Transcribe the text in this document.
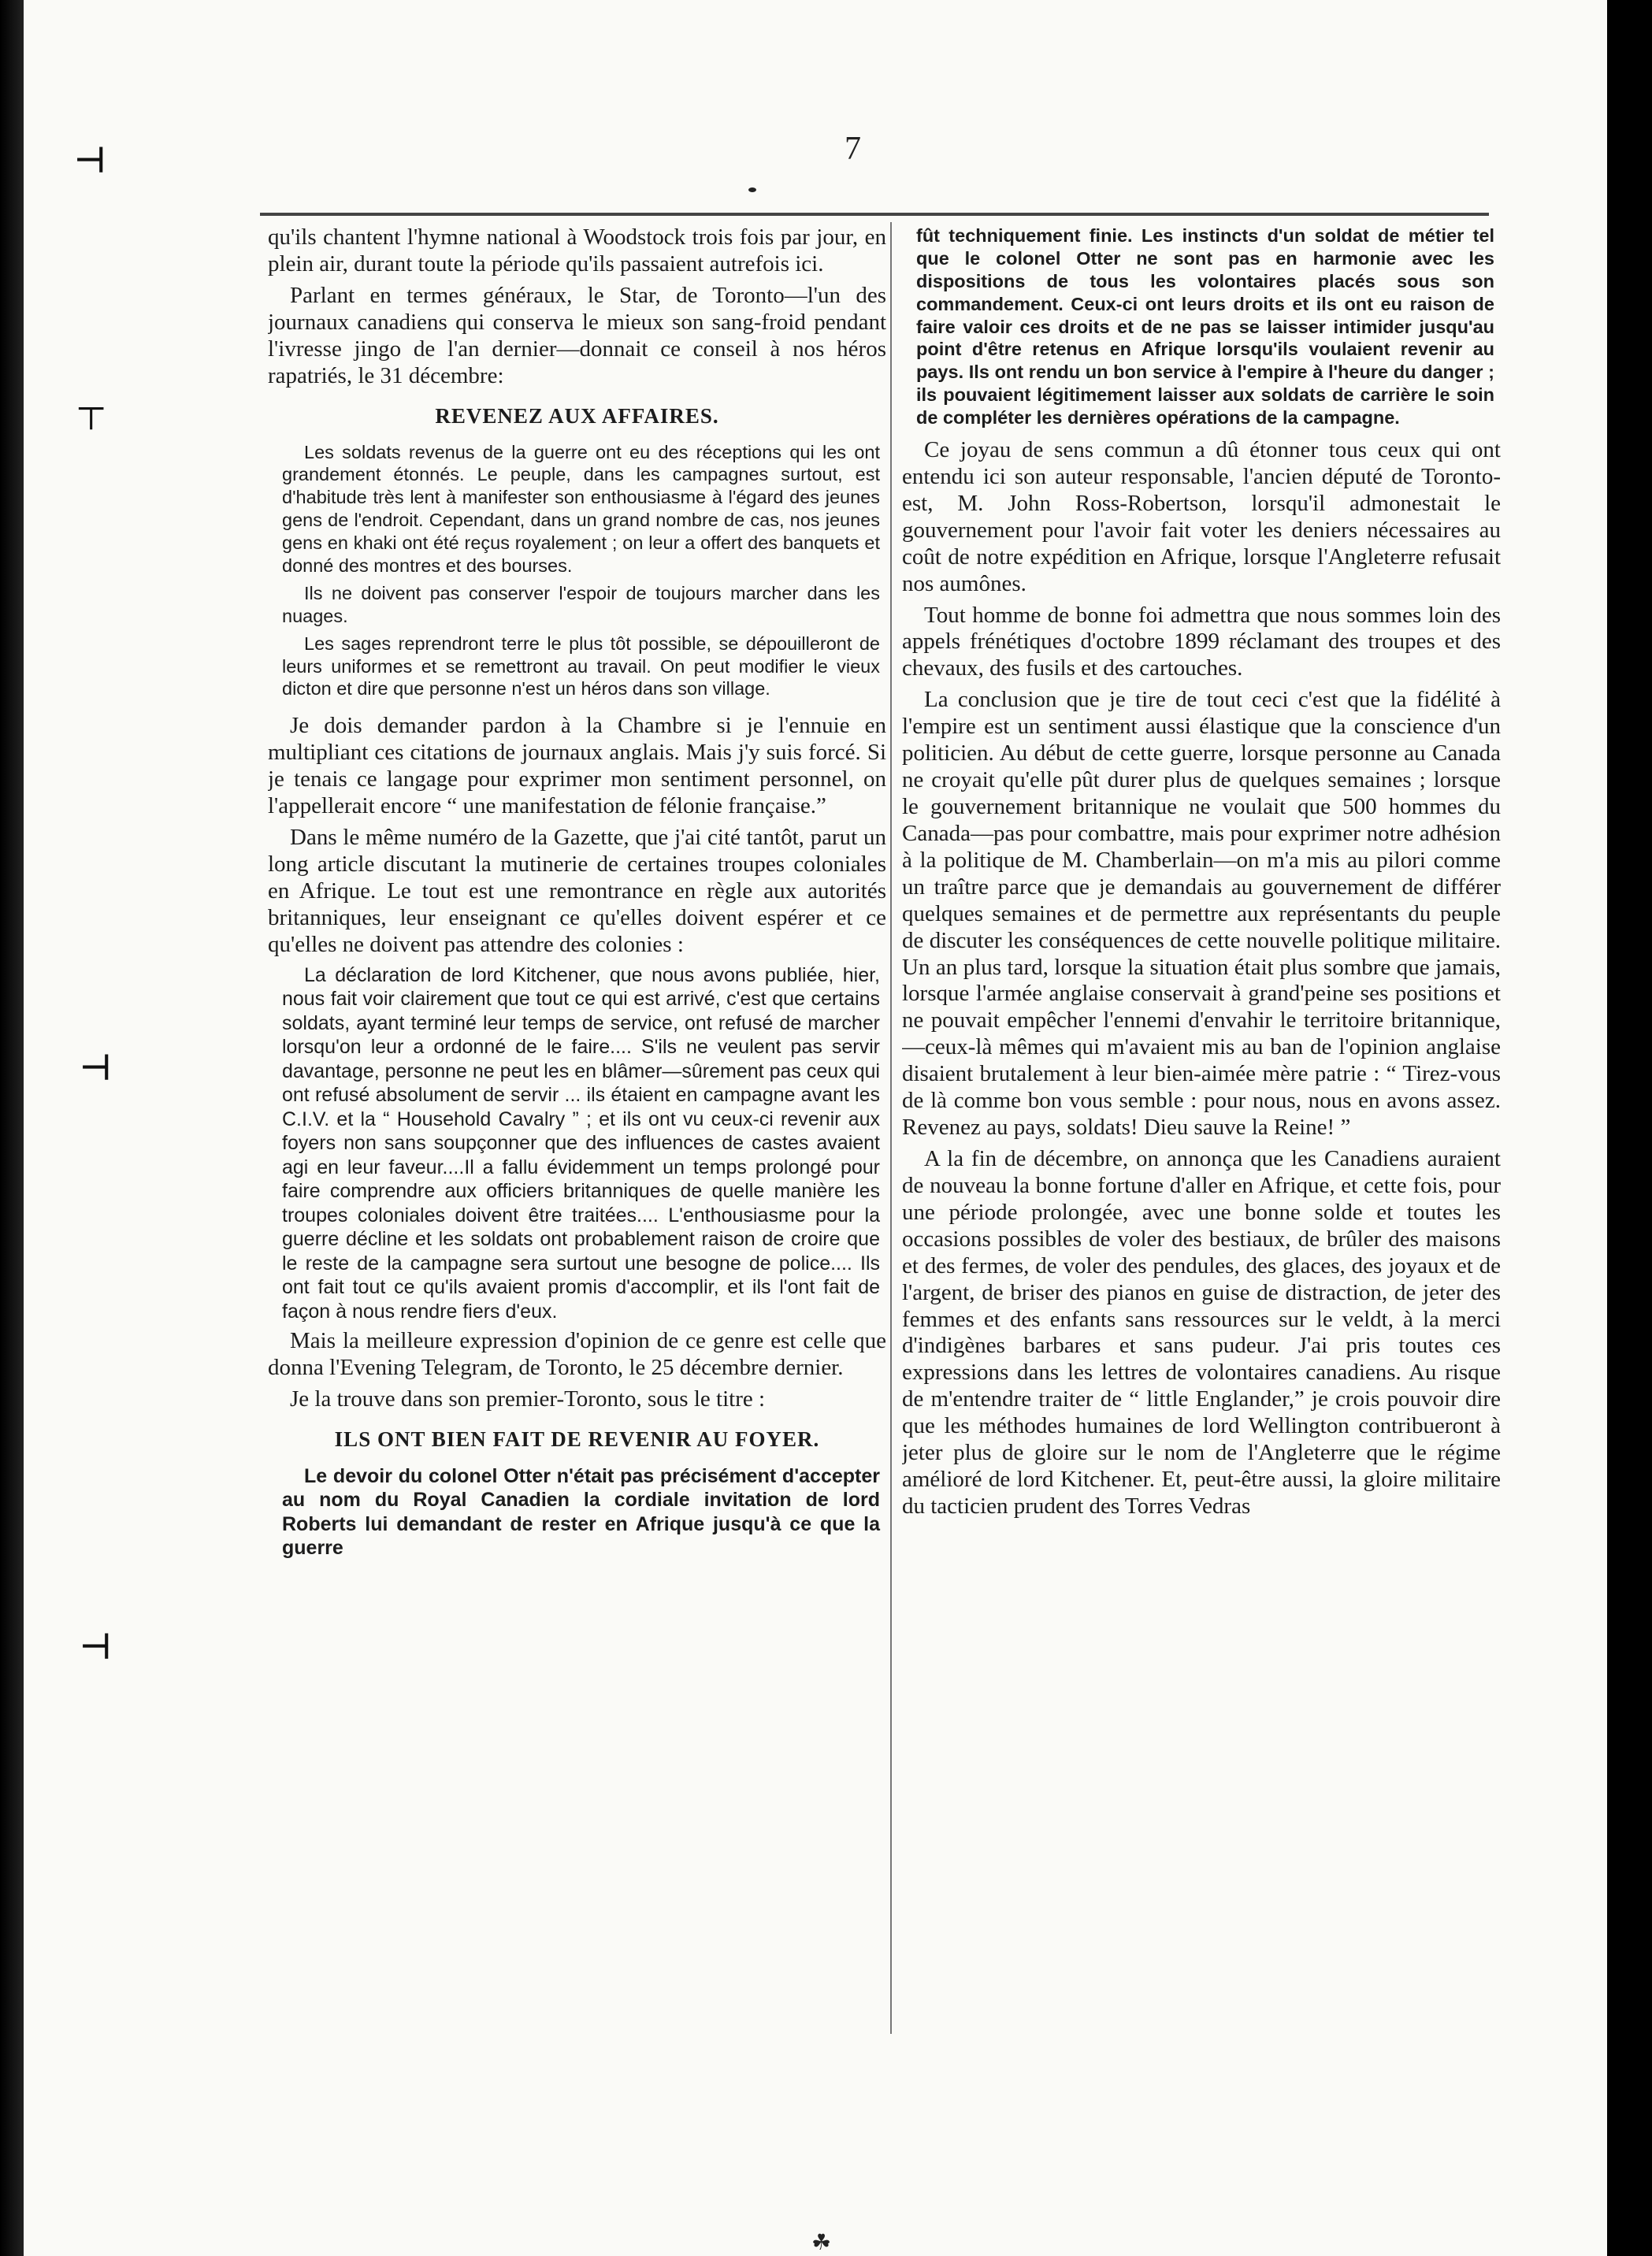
⊣
┬
⊣
⊣
7

qu'ils chantent l'hymne national à Woodstock trois fois par jour, en plein air, durant toute la période qu'ils passaient autrefois ici.

Parlant en termes généraux, le Star, de Toronto—l'un des journaux canadiens qui conserva le mieux son sang-froid pendant l'ivresse jingo de l'an dernier—donnait ce conseil à nos héros rapatriés, le 31 décembre:

REVENEZ AUX AFFAIRES.

Les soldats revenus de la guerre ont eu des réceptions qui les ont grandement étonnés. Le peuple, dans les campagnes surtout, est d'habitude très lent à manifester son enthousiasme à l'égard des jeunes gens de l'endroit. Cependant, dans un grand nombre de cas, nos jeunes gens en khaki ont été reçus royalement ; on leur a offert des banquets et donné des montres et des bourses.

Ils ne doivent pas conserver l'espoir de toujours marcher dans les nuages.

Les sages reprendront terre le plus tôt possible, se dépouilleront de leurs uniformes et se remettront au travail. On peut modifier le vieux dicton et dire que personne n'est un héros dans son village.

Je dois demander pardon à la Chambre si je l'ennuie en multipliant ces citations de journaux anglais. Mais j'y suis forcé. Si je tenais ce langage pour exprimer mon sentiment personnel, on l'appellerait encore “ une manifestation de félonie française.”

Dans le même numéro de la Gazette, que j'ai cité tantôt, parut un long article discutant la mutinerie de certaines troupes coloniales en Afrique. Le tout est une remontrance en règle aux autorités britanniques, leur enseignant ce qu'elles doivent espérer et ce qu'elles ne doivent pas attendre des colonies :

La déclaration de lord Kitchener, que nous avons publiée, hier, nous fait voir clairement que tout ce qui est arrivé, c'est que certains soldats, ayant terminé leur temps de service, ont refusé de marcher lorsqu'on leur a ordonné de le faire.... S'ils ne veulent pas servir davantage, personne ne peut les en blâmer—sûrement pas ceux qui ont refusé absolument de servir ... ils étaient en campagne avant les C.I.V. et la “ Household Cavalry ” ; et ils ont vu ceux-ci revenir aux foyers non sans soupçonner que des influences de castes avaient agi en leur faveur....Il a fallu évidemment un temps prolongé pour faire comprendre aux officiers britanniques de quelle manière les troupes coloniales doivent être traitées.... L'enthousiasme pour la guerre décline et les soldats ont probablement raison de croire que le reste de la campagne sera surtout une besogne de police.... Ils ont fait tout ce qu'ils avaient promis d'accomplir, et ils l'ont fait de façon à nous rendre fiers d'eux.

Mais la meilleure expression d'opinion de ce genre est celle que donna l'Evening Telegram, de Toronto, le 25 décembre dernier.

Je la trouve dans son premier-Toronto, sous le titre :

ILS ONT BIEN FAIT DE REVENIR AU FOYER.

Le devoir du colonel Otter n'était pas précisément d'accepter au nom du Royal Canadien la cordiale invitation de lord Roberts lui demandant de rester en Afrique jusqu'à ce que la guerre

fût techniquement finie. Les instincts d'un soldat de métier tel que le colonel Otter ne sont pas en harmonie avec les dispositions de tous les volontaires placés sous son commandement. Ceux-ci ont leurs droits et ils ont eu raison de faire valoir ces droits et de ne pas se laisser intimider jusqu'au point d'être retenus en Afrique lorsqu'ils voulaient revenir au pays. Ils ont rendu un bon service à l'empire à l'heure du danger ; ils pouvaient légitimement laisser aux soldats de carrière le soin de compléter les dernières opérations de la campagne.

Ce joyau de sens commun a dû étonner tous ceux qui ont entendu ici son auteur responsable, l'ancien député de Toronto-est, M. John Ross-Robertson, lorsqu'il admonestait le gouvernement pour l'avoir fait voter les deniers nécessaires au coût de notre expédition en Afrique, lorsque l'Angleterre refusait nos aumônes.

Tout homme de bonne foi admettra que nous sommes loin des appels frénétiques d'octobre 1899 réclamant des troupes et des chevaux, des fusils et des cartouches.

La conclusion que je tire de tout ceci c'est que la fidélité à l'empire est un sentiment aussi élastique que la conscience d'un politicien. Au début de cette guerre, lorsque personne au Canada ne croyait qu'elle pût durer plus de quelques semaines ; lorsque le gouvernement britannique ne voulait que 500 hommes du Canada—pas pour combattre, mais pour exprimer notre adhésion à la politique de M. Chamberlain—on m'a mis au pilori comme un traître parce que je demandais au gouvernement de différer quelques semaines et de permettre aux représentants du peuple de discuter les conséquences de cette nouvelle politique militaire. Un an plus tard, lorsque la situation était plus sombre que jamais, lorsque l'armée anglaise conservait à grand'peine ses positions et ne pouvait empêcher l'ennemi d'envahir le territoire britannique,—ceux-là mêmes qui m'avaient mis au ban de l'opinion anglaise disaient brutalement à leur bien-aimée mère patrie : “ Tirez-vous de là comme bon vous semble : pour nous, nous en avons assez. Revenez au pays, soldats! Dieu sauve la Reine! ”

A la fin de décembre, on annonça que les Canadiens auraient de nouveau la bonne fortune d'aller en Afrique, et cette fois, pour une période prolongée, avec une bonne solde et toutes les occasions possibles de voler des bestiaux, de brûler des maisons et des fermes, de voler des pendules, des glaces, des joyaux et de l'argent, de briser des pianos en guise de distraction, de jeter des femmes et des enfants sans ressources sur le veldt, à la merci d'indigènes barbares et sans pudeur. J'ai pris toutes ces expressions dans les lettres de volontaires canadiens. Au risque de m'entendre traiter de “ little Englander,” je crois pouvoir dire que les méthodes humaines de lord Wellington contribueront à jeter plus de gloire sur le nom de l'Angleterre que le régime amélioré de lord Kitchener. Et, peut-être aussi, la gloire militaire du tacticien prudent des Torres Vedras

☘
